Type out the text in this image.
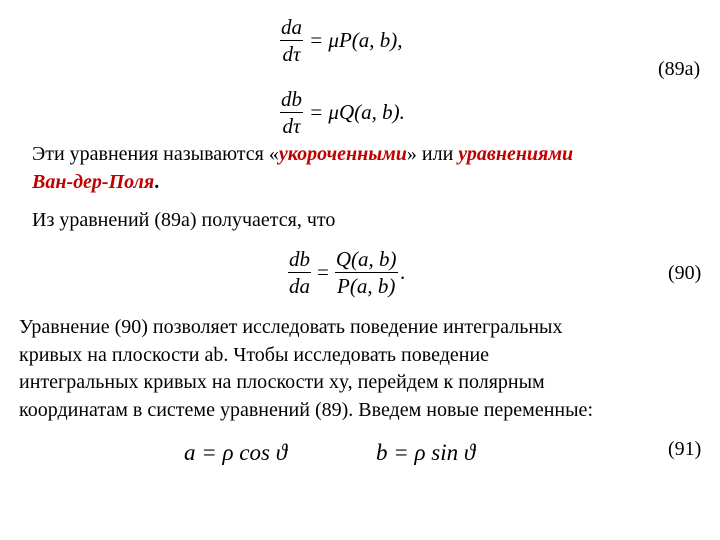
$\frac{da}{d\tau} = \mu P(a$, b),
(89a)
$\frac{db}{d\tau} = \mu Q(a$, b).
Эти уравнения называются «укороченными» или уравнениями
Ван-дер-Поля.
Из уравнений (89a) получается, что
$\frac{db}{da} = \frac{Q(a, b)}{P(a, b)}$ .	(90)
Уравнение (90) позволяет исследовать поведение интегральных
кривых на плоскости ab. Чтобы исследовать поведение
интегральных кривых на плоскости xy, перейдем к полярным
координатам в системе уравнений (89). Введем новые переменные:
a = ρ cos ϑ	b = ρ sin ϑ	(91)
